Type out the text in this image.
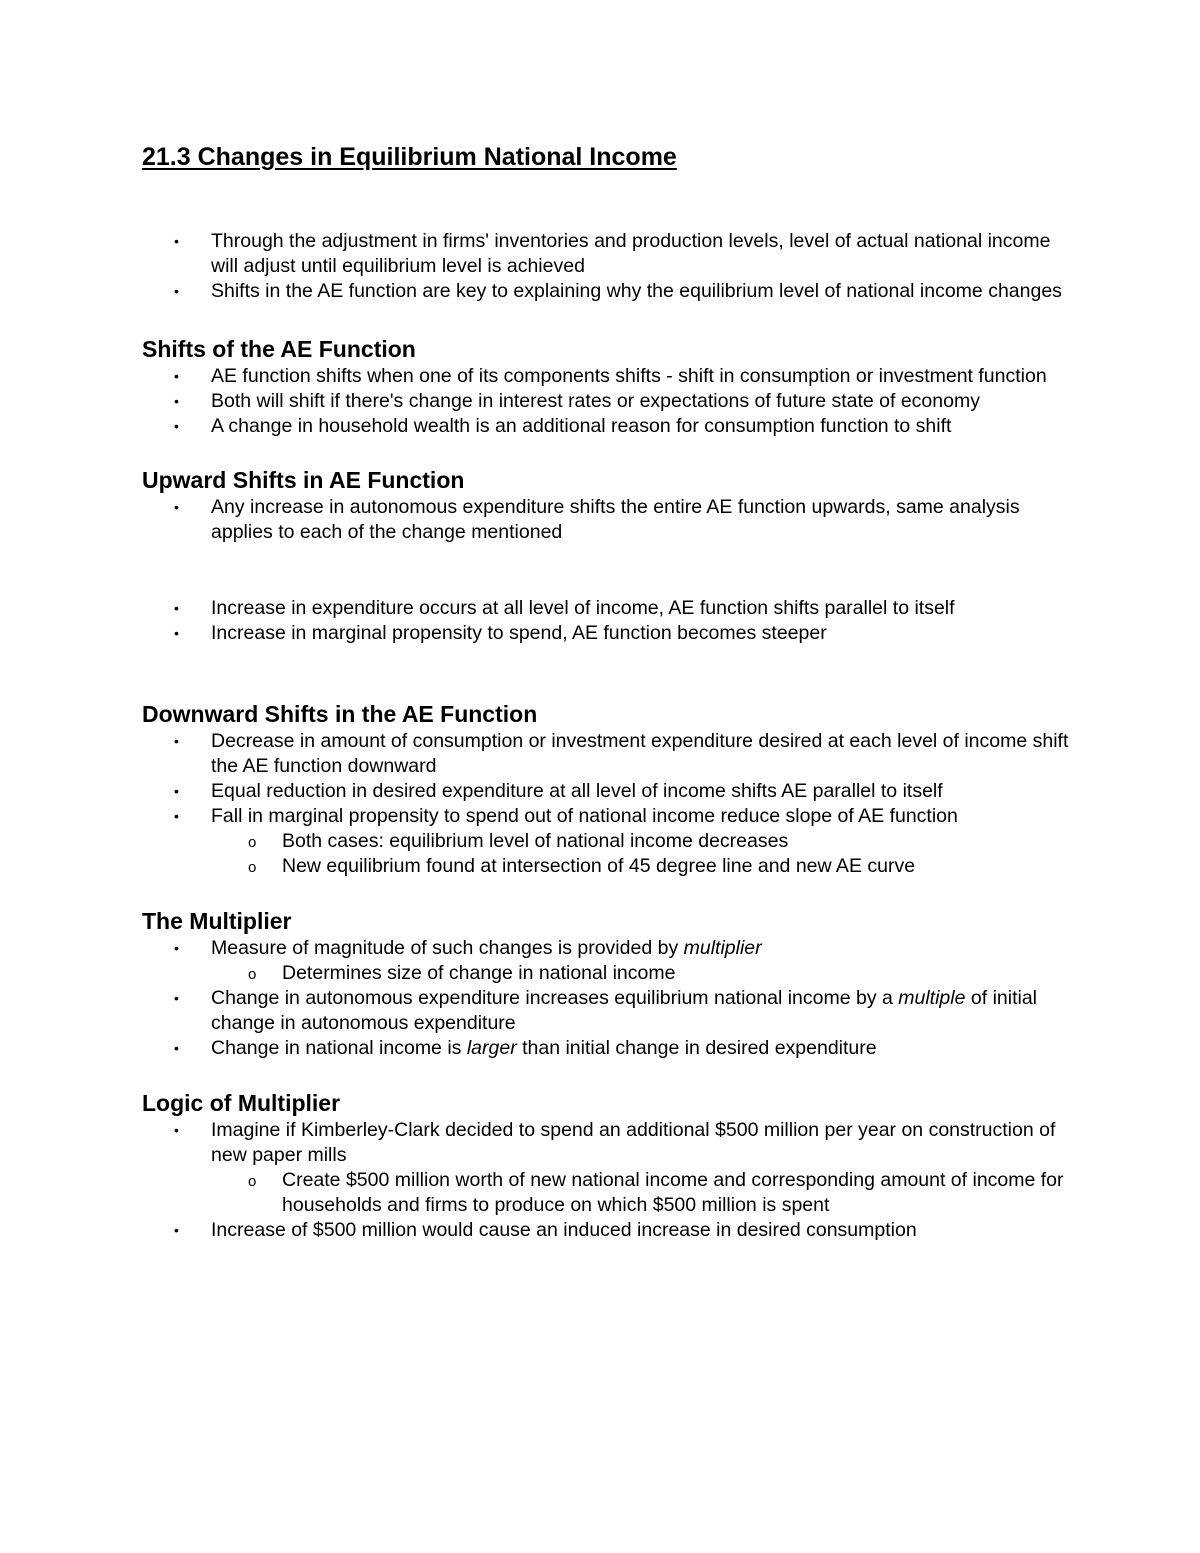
21.3 Changes in Equilibrium National Income
• Through the adjustment in firms' inventories and production levels, level of actual national income will adjust until equilibrium level is achieved
• Shifts in the AE function are key to explaining why the equilibrium level of national income changes
Shifts of the AE Function
• AE function shifts when one of its components shifts - shift in consumption or investment function
• Both will shift if there's change in interest rates or expectations of future state of economy
• A change in household wealth is an additional reason for consumption function to shift
Upward Shifts in AE Function
• Any increase in autonomous expenditure shifts the entire AE function upwards, same analysis applies to each of the change mentioned
• Increase in expenditure occurs at all level of income, AE function shifts parallel to itself
• Increase in marginal propensity to spend, AE function becomes steeper
Downward Shifts in the AE Function
• Decrease in amount of consumption or investment expenditure desired at each level of income shift the AE function downward
• Equal reduction in desired expenditure at all level of income shifts AE parallel to itself
• Fall in marginal propensity to spend out of national income reduce slope of AE function
o Both cases: equilibrium level of national income decreases
o New equilibrium found at intersection of 45 degree line and new AE curve
The Multiplier
• Measure of magnitude of such changes is provided by multiplier
o Determines size of change in national income
• Change in autonomous expenditure increases equilibrium national income by a multiple of initial change in autonomous expenditure
• Change in national income is larger than initial change in desired expenditure
Logic of Multiplier
• Imagine if Kimberley-Clark decided to spend an additional $500 million per year on construction of new paper mills
o Create $500 million worth of new national income and corresponding amount of income for households and firms to produce on which $500 million is spent
• Increase of $500 million would cause an induced increase in desired consumption
